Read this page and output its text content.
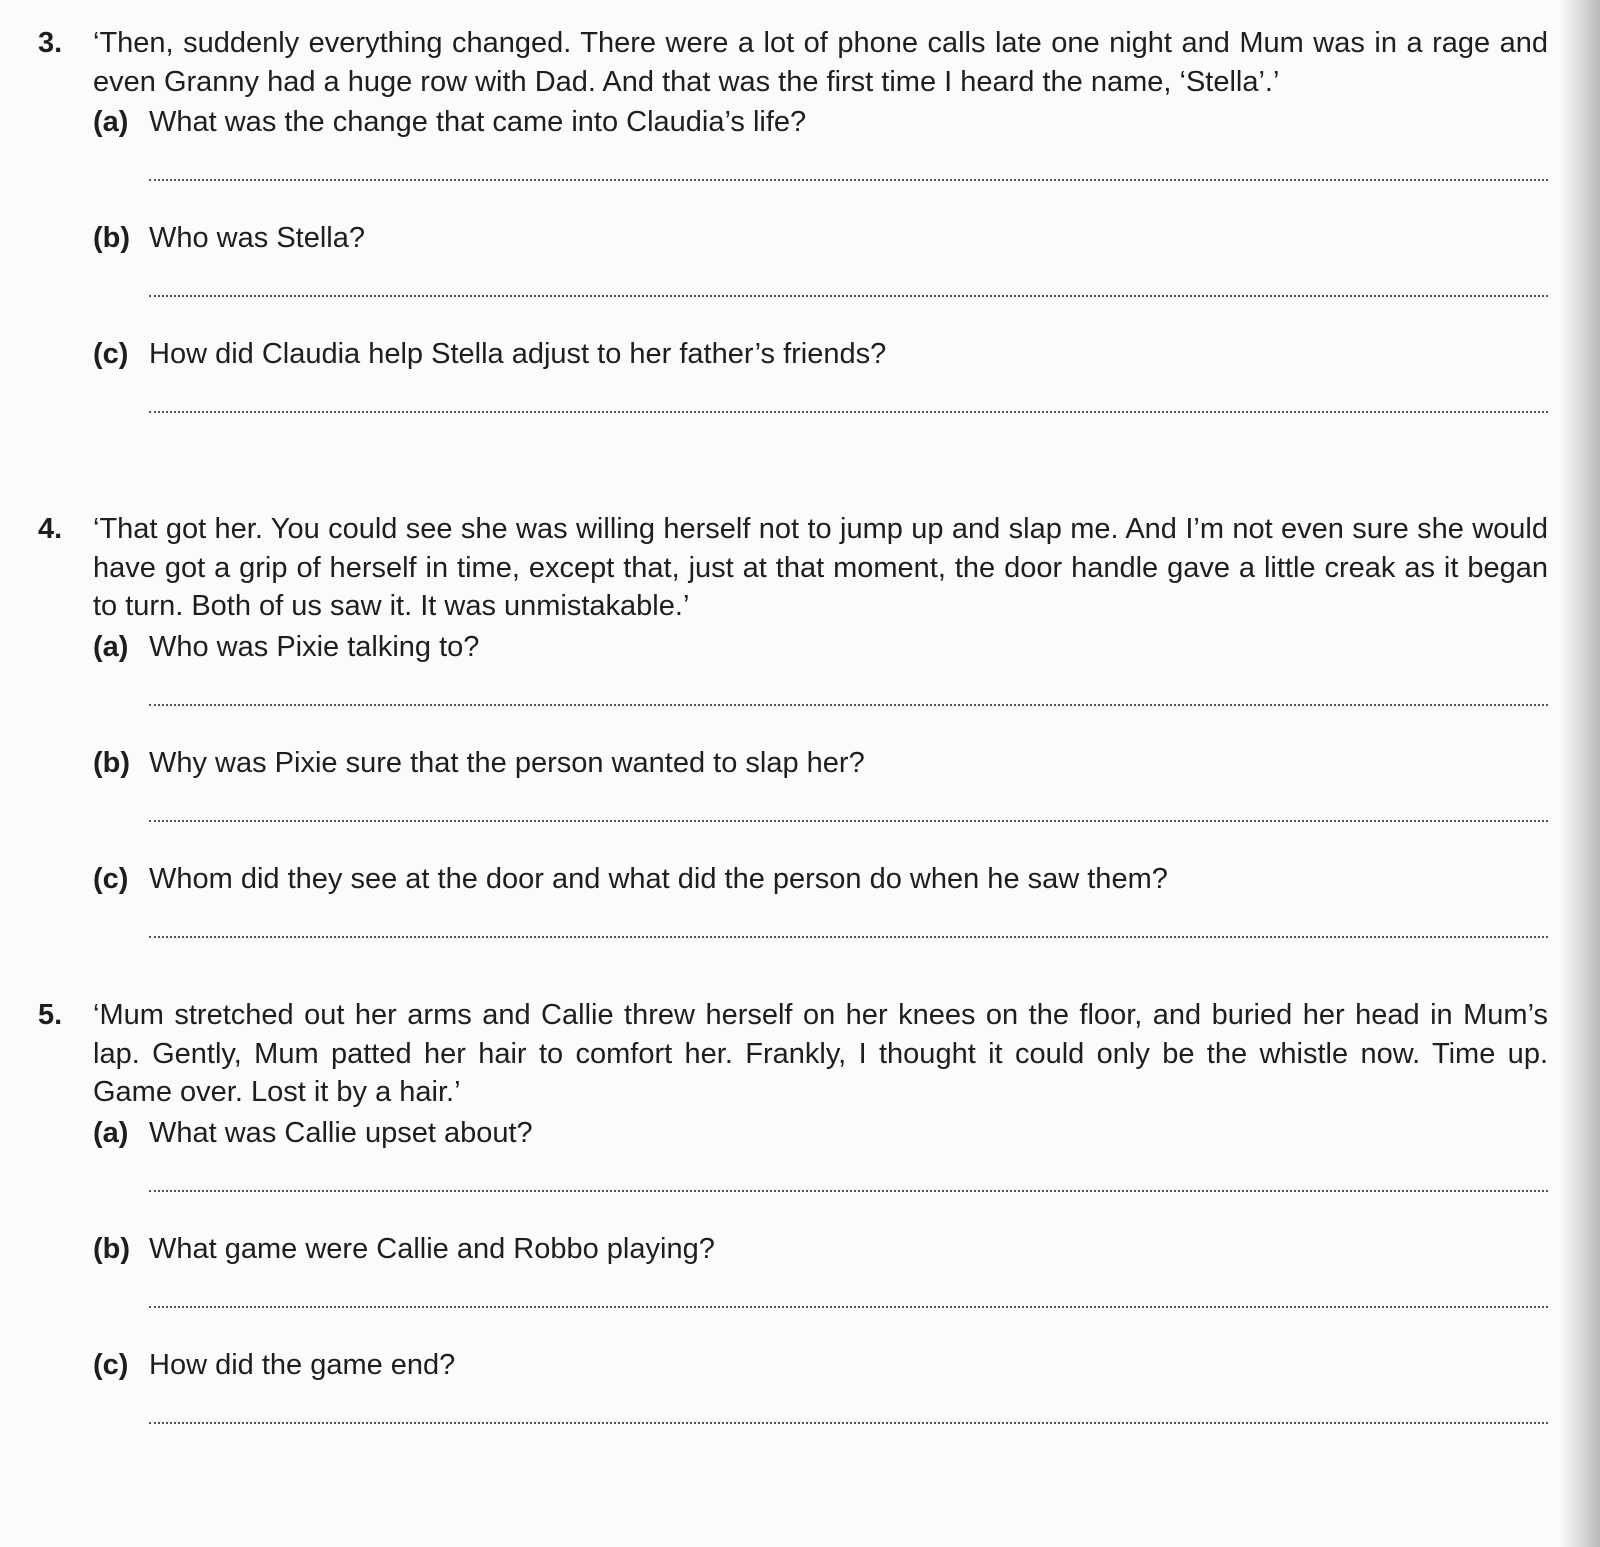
3. ‘Then, suddenly everything changed. There were a lot of phone calls late one night and Mum was in a rage and even Granny had a huge row with Dad. And that was the first time I heard the name, ‘Stella’.’
(a) What was the change that came into Claudia’s life?
(b) Who was Stella?
(c) How did Claudia help Stella adjust to her father’s friends?
4. ‘That got her. You could see she was willing herself not to jump up and slap me. And I’m not even sure she would have got a grip of herself in time, except that, just at that moment, the door handle gave a little creak as it began to turn. Both of us saw it. It was unmistakable.’
(a) Who was Pixie talking to?
(b) Why was Pixie sure that the person wanted to slap her?
(c) Whom did they see at the door and what did the person do when he saw them?
5. ‘Mum stretched out her arms and Callie threw herself on her knees on the floor, and buried her head in Mum’s lap. Gently, Mum patted her hair to comfort her. Frankly, I thought it could only be the whistle now. Time up. Game over. Lost it by a hair.’
(a) What was Callie upset about?
(b) What game were Callie and Robbo playing?
(c) How did the game end?
